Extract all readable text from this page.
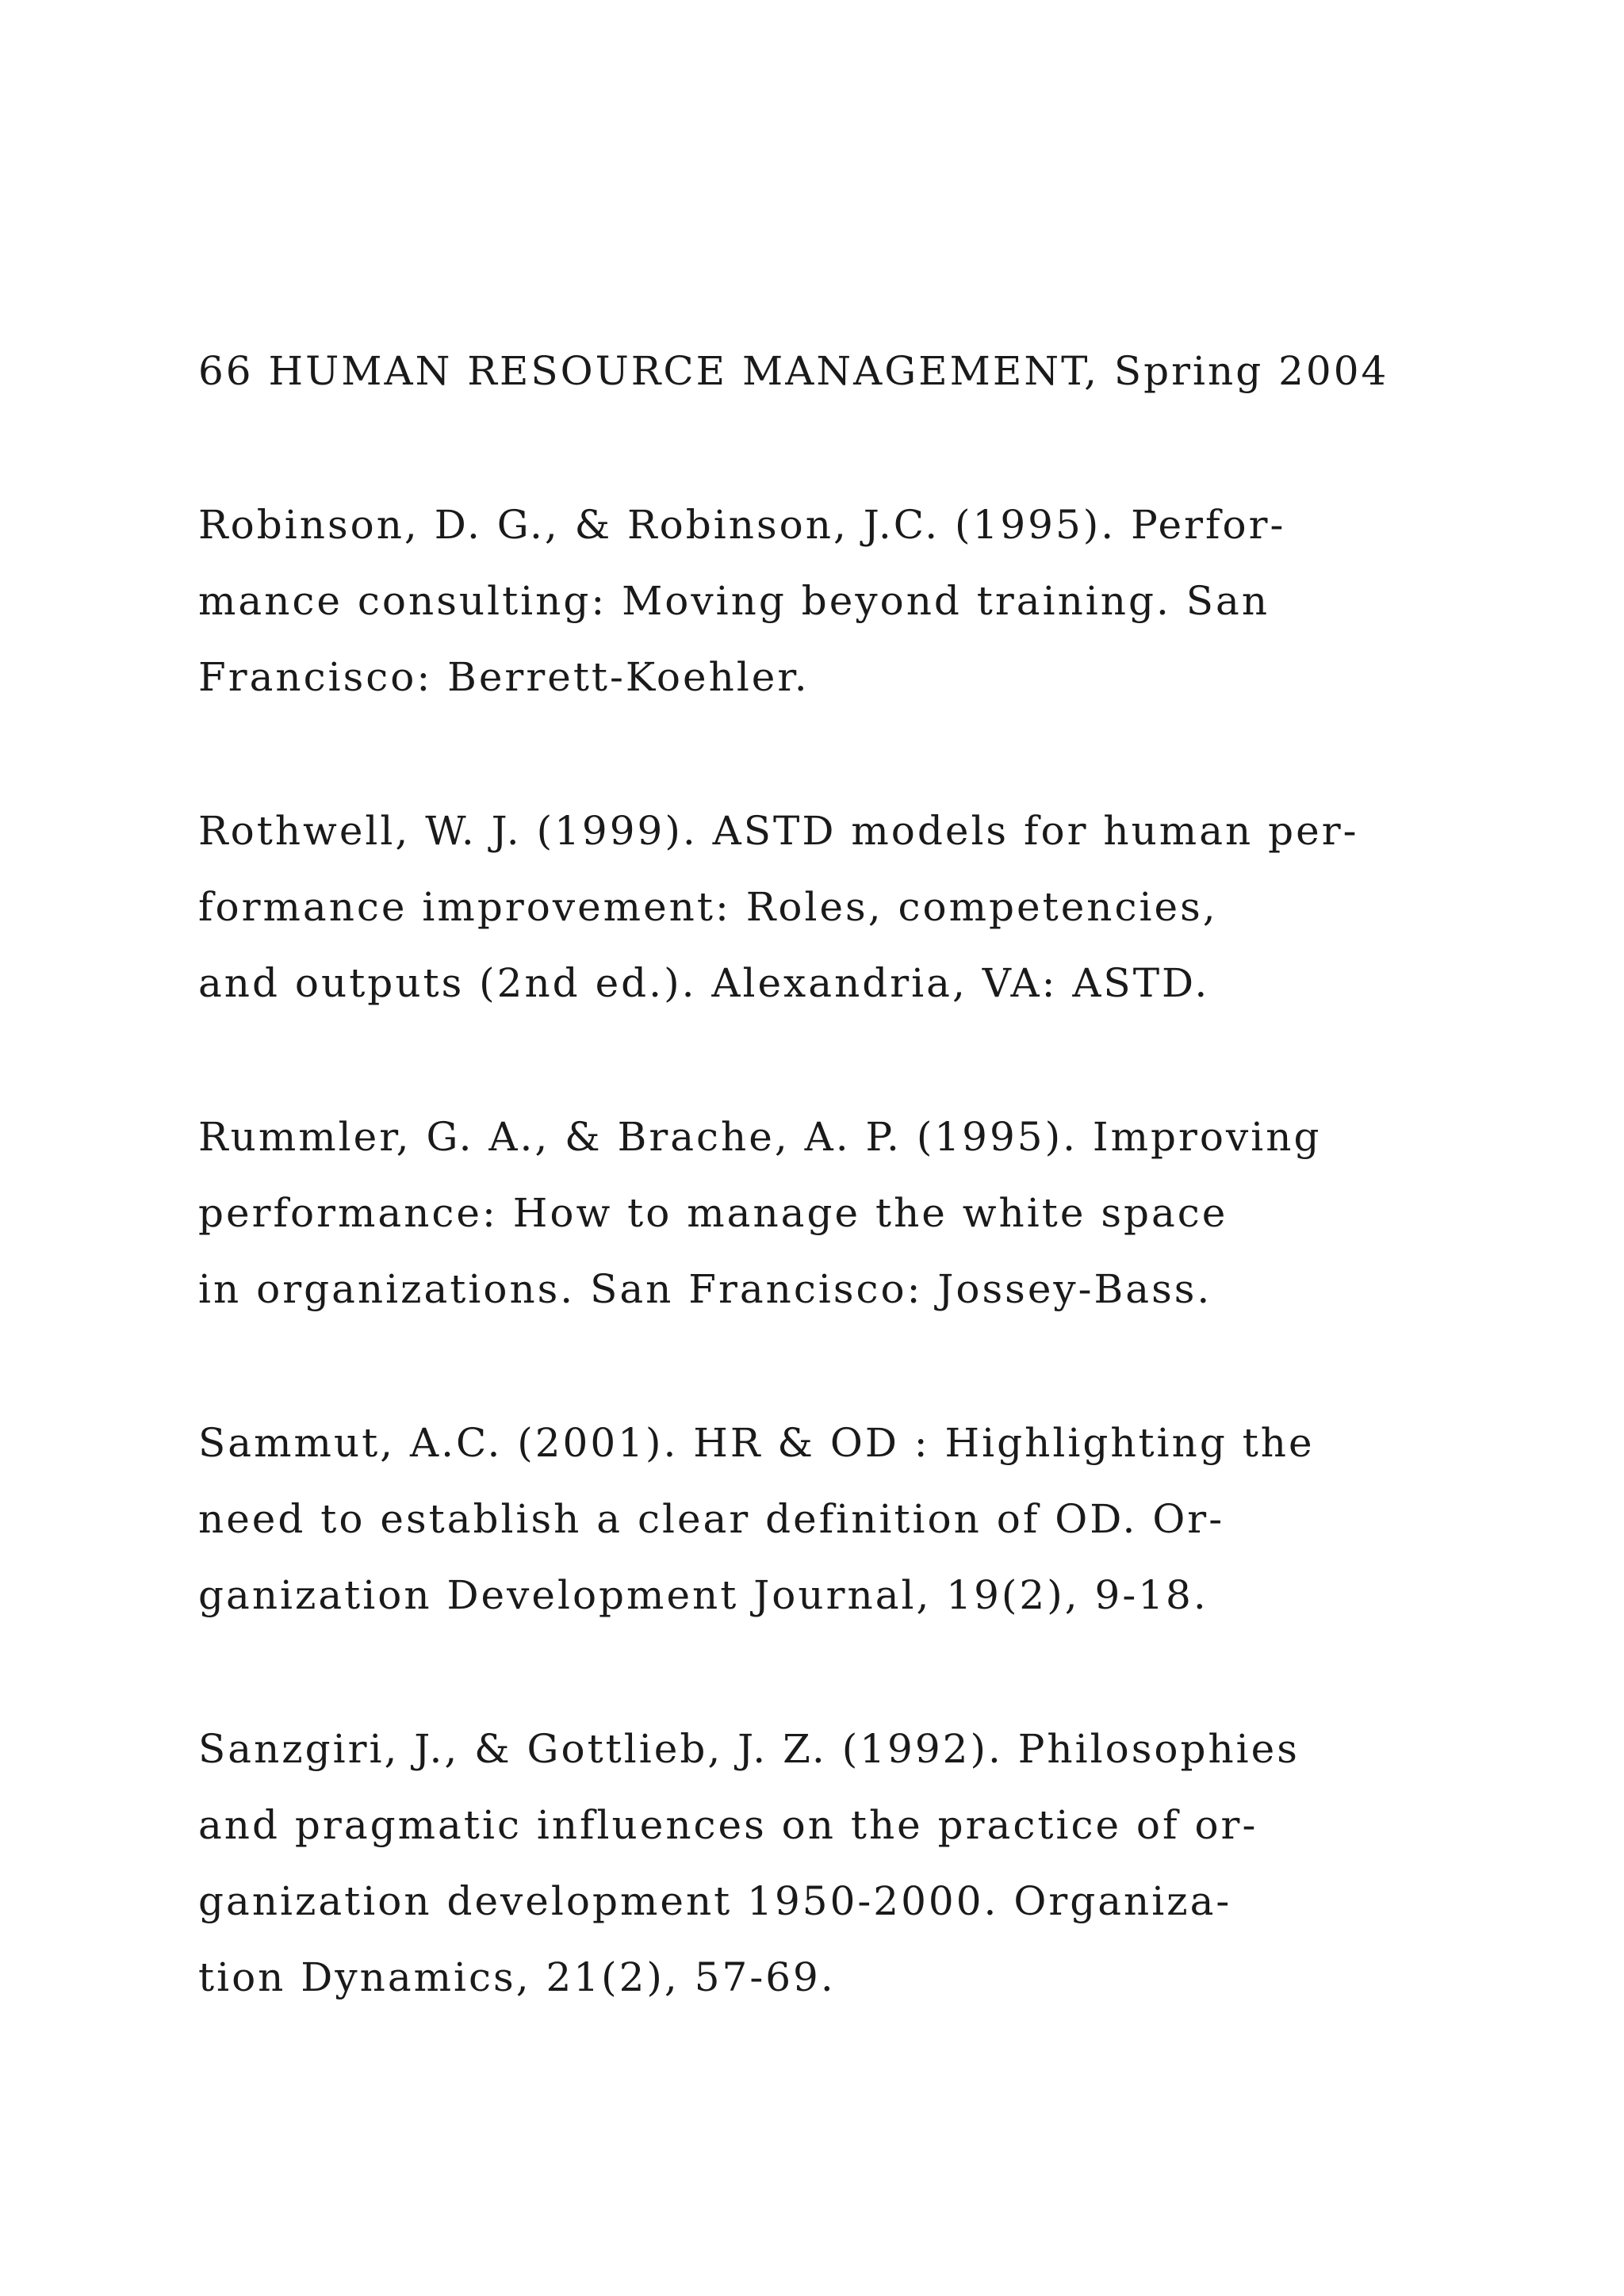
66 HUMAN RESOURCE MANAGEMENT, Spring 2004
Robinson, D. G., & Robinson, J.C. (1995). Perfor-
mance consulting: Moving beyond training. San
Francisco: Berrett-Koehler.
Rothwell, W. J. (1999). ASTD models for human per-
formance improvement: Roles, competencies,
and outputs (2nd ed.). Alexandria, VA: ASTD.
Rummler, G. A., & Brache, A. P. (1995). Improving
performance: How to manage the white space
in organizations. San Francisco: Jossey-Bass.
Sammut, A.C. (2001). HR & OD : Highlighting the
need to establish a clear definition of OD. Or-
ganization Development Journal, 19(2), 9-18.
Sanzgiri, J., & Gottlieb, J. Z. (1992). Philosophies
and pragmatic influences on the practice of or-
ganization development 1950-2000. Organiza-
tion Dynamics, 21(2), 57-69.
